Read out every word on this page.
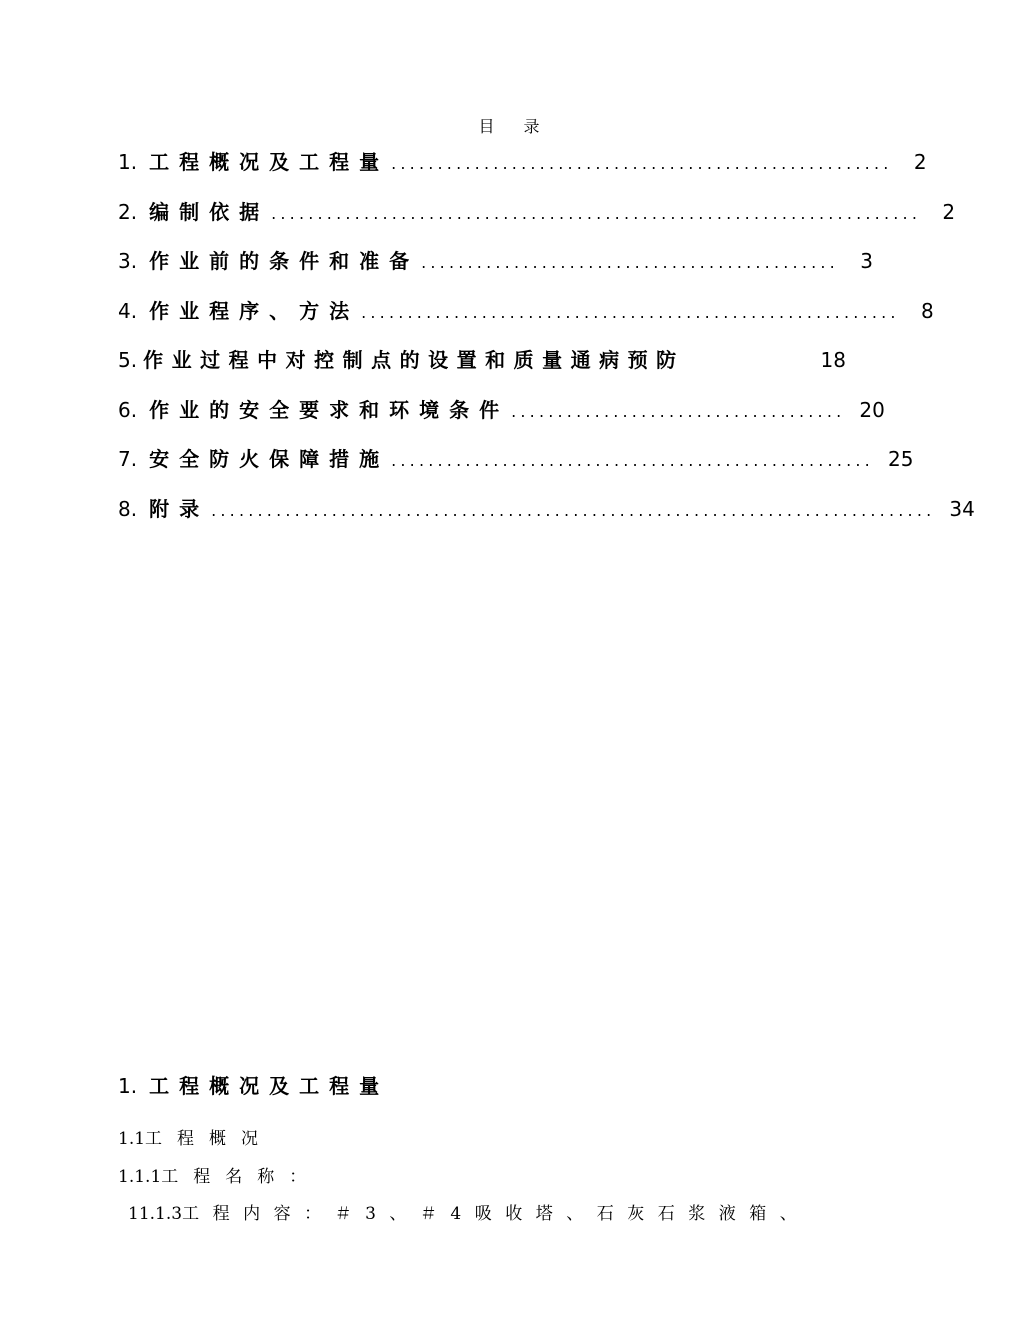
目 录
1. 工程概况及工程量 ......................................................	2
2. 编制依据 ......................................................................	2
3. 作业前的条件和准备 .............................................	3
4. 作业程序、方法 ..........................................................	8
5. 作业过程中对控制点的设置和质量通病预防	18
6. 作业的安全要求和环境条件 .................................... 20
7. 安全防火保障措施 .................................................... 25
8. 附录 .............................................................................. 34
1. 工程概况及工程量
1.1工程概况
1.1.1工程名称：
11.1.3工程内容：＃3、＃4吸收塔、石灰石浆液箱、
